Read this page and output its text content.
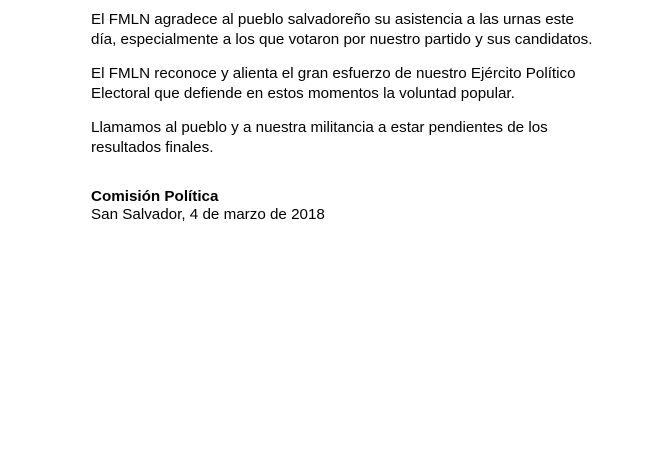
El FMLN agradece al pueblo salvadoreño su asistencia a las urnas este
día, especialmente a los que votaron por nuestro partido y sus candidatos.
El FMLN reconoce y alienta el gran esfuerzo de nuestro Ejército Político
Electoral que defiende en estos momentos la voluntad popular.
Llamamos al pueblo y a nuestra militancia a estar pendientes de los
resultados finales.
Comisión Política
San Salvador, 4 de marzo de 2018
